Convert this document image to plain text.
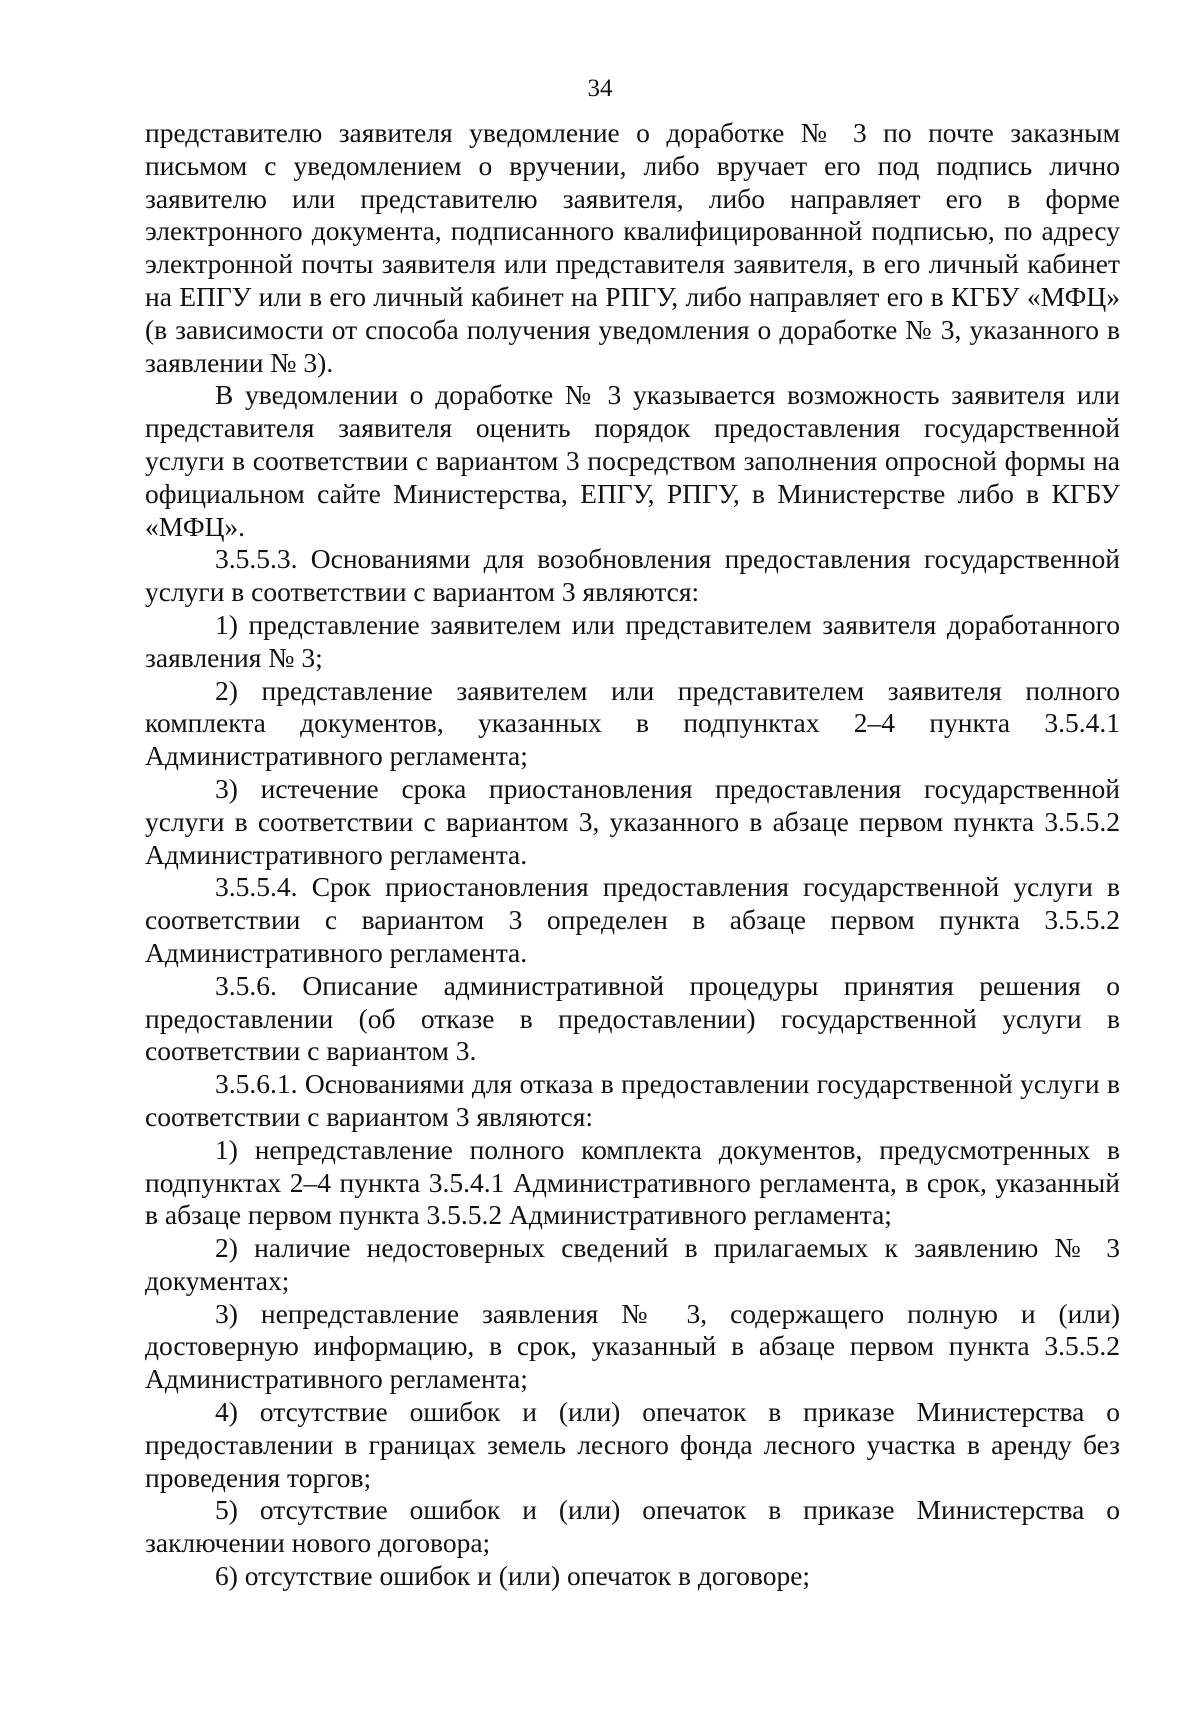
34

представителю заявителя уведомление о доработке № 3 по почте заказным письмом с уведомлением о вручении, либо вручает его под подпись лично заявителю или представителю заявителя, либо направляет его в форме электронного документа, подписанного квалифицированной подписью, по адресу электронной почты заявителя или представителя заявителя, в его личный кабинет на ЕПГУ или в его личный кабинет на РПГУ, либо направляет его в КГБУ «МФЦ» (в зависимости от способа получения уведомления о доработке № 3, указанного в заявлении № 3).

В уведомлении о доработке № 3 указывается возможность заявителя или представителя заявителя оценить порядок предоставления государственной услуги в соответствии с вариантом 3 посредством заполнения опросной формы на официальном сайте Министерства, ЕПГУ, РПГУ, в Министерстве либо в КГБУ «МФЦ».

3.5.5.3. Основаниями для возобновления предоставления государственной услуги в соответствии с вариантом 3 являются:

1) представление заявителем или представителем заявителя доработанного заявления № 3;

2) представление заявителем или представителем заявителя полного комплекта документов, указанных в подпунктах 2–4 пункта 3.5.4.1 Административного регламента;

3) истечение срока приостановления предоставления государственной услуги в соответствии с вариантом 3, указанного в абзаце первом пункта 3.5.5.2 Административного регламента.

3.5.5.4. Срок приостановления предоставления государственной услуги в соответствии с вариантом 3 определен в абзаце первом пункта 3.5.5.2 Административного регламента.

3.5.6. Описание административной процедуры принятия решения о предоставлении (об отказе в предоставлении) государственной услуги в соответствии с вариантом 3.

3.5.6.1. Основаниями для отказа в предоставлении государственной услуги в соответствии с вариантом 3 являются:

1) непредставление полного комплекта документов, предусмотренных в подпунктах 2–4 пункта 3.5.4.1 Административного регламента, в срок, указанный в абзаце первом пункта 3.5.5.2 Административного регламента;

2) наличие недостоверных сведений в прилагаемых к заявлению № 3 документах;

3) непредставление заявления № 3, содержащего полную и (или) достоверную информацию, в срок, указанный в абзаце первом пункта 3.5.5.2 Административного регламента;

4) отсутствие ошибок и (или) опечаток в приказе Министерства о предоставлении в границах земель лесного фонда лесного участка в аренду без проведения торгов;

5) отсутствие ошибок и (или) опечаток в приказе Министерства о заключении нового договора;

6) отсутствие ошибок и (или) опечаток в договоре;
